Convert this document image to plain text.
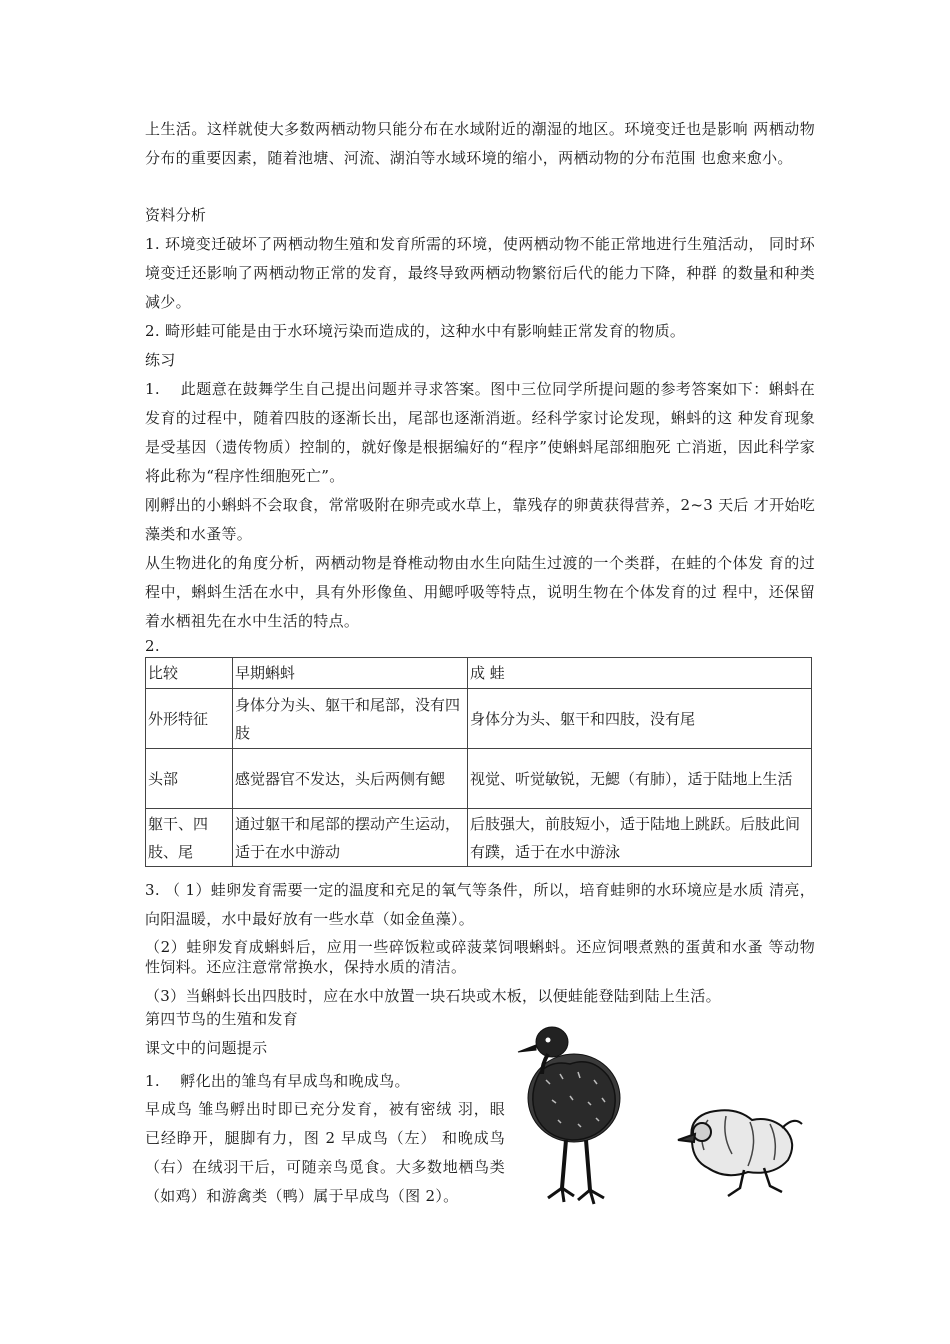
上生活。这样就使大多数两栖动物只能分布在水域附近的潮湿的地区。环境变迁也是影响 两栖动物分布的重要因素，随着池塘、河流、湖泊等水域环境的缩小，两栖动物的分布范围 也愈来愈小。

资料分析

1. 环境变迁破坏了两栖动物生殖和发育所需的环境，使两栖动物不能正常地进行生殖活动， 同时环境变迁还影响了两栖动物正常的发育，最终导致两栖动物繁衍后代的能力下降，种群 的数量和种类减少。

2. 畸形蛙可能是由于水环境污染而造成的，这种水中有影响蛙正常发育的物质。

练习

1.　 此题意在鼓舞学生自己提出问题并寻求答案。图中三位同学所提问题的参考答案如下：蝌蚪在发育的过程中，随着四肢的逐渐长出，尾部也逐渐消逝。经科学家讨论发现，蝌蚪的这 种发育现象是受基因（遗传物质）控制的，就好像是根据编好的“程序”使蝌蚪尾部细胞死 亡消逝，因此科学家将此称为“程序性细胞死亡”。

刚孵出的小蝌蚪不会取食，常常吸附在卵壳或水草上，靠残存的卵黄获得营养，2~3 天后 才开始吃藻类和水蚤等。

从生物进化的角度分析，两栖动物是脊椎动物由水生向陆生过渡的一个类群，在蛙的个体发 育的过程中，蝌蚪生活在水中，具有外形像鱼、用鳃呼吸等特点，说明生物在个体发育的过 程中，还保留着水栖祖先在水中生活的特点。

2.

比较	早期蝌蚪	成 蛙
外形特征	身体分为头、躯干和尾部，没有四肢	身体分为头、躯干和四肢，没有尾
头部	感觉器官不发达，头后两侧有鳃	视觉、听觉敏锐，无鰓（有肺），适于陆地上生活
躯干、四肢、尾	通过躯干和尾部的摆动产生运动，适于在水中游动	后肢强大，前肢短小，适于陆地上跳跃。后肢此间有蹼，适于在水中游泳

3. （ 1）蛙卵发育需要一定的温度和充足的氧气等条件，所以，培育蛙卵的水环境应是水质 清亮，向阳温暖，水中最好放有一些水草（如金鱼藻）。

（2）蛙卵发育成蝌蚪后，应用一些碎饭粒或碎菠菜饲喂蝌蚪。还应饲喂煮熟的蛋黄和水蚤 等动物性饲料。还应注意常常换水，保持水质的清洁。

（3）当蝌蚪长出四肢时，应在水中放置一块石块或木板，以便蛙能登陆到陆上生活。

第四节鸟的生殖和发育

课文中的问题提示

1.　 孵化出的雏鸟有早成鸟和晚成鸟。

早成鸟 雏鸟孵出时即已充分发育，被有密绒 羽，眼已经睁开，腿脚有力，图 2 早成鸟（左） 和晚成鸟（右）在绒羽干后，可随亲鸟觅食。大多数地栖鸟类（如鸡）和游禽类（鸭）属于早成鸟（图 2）。
